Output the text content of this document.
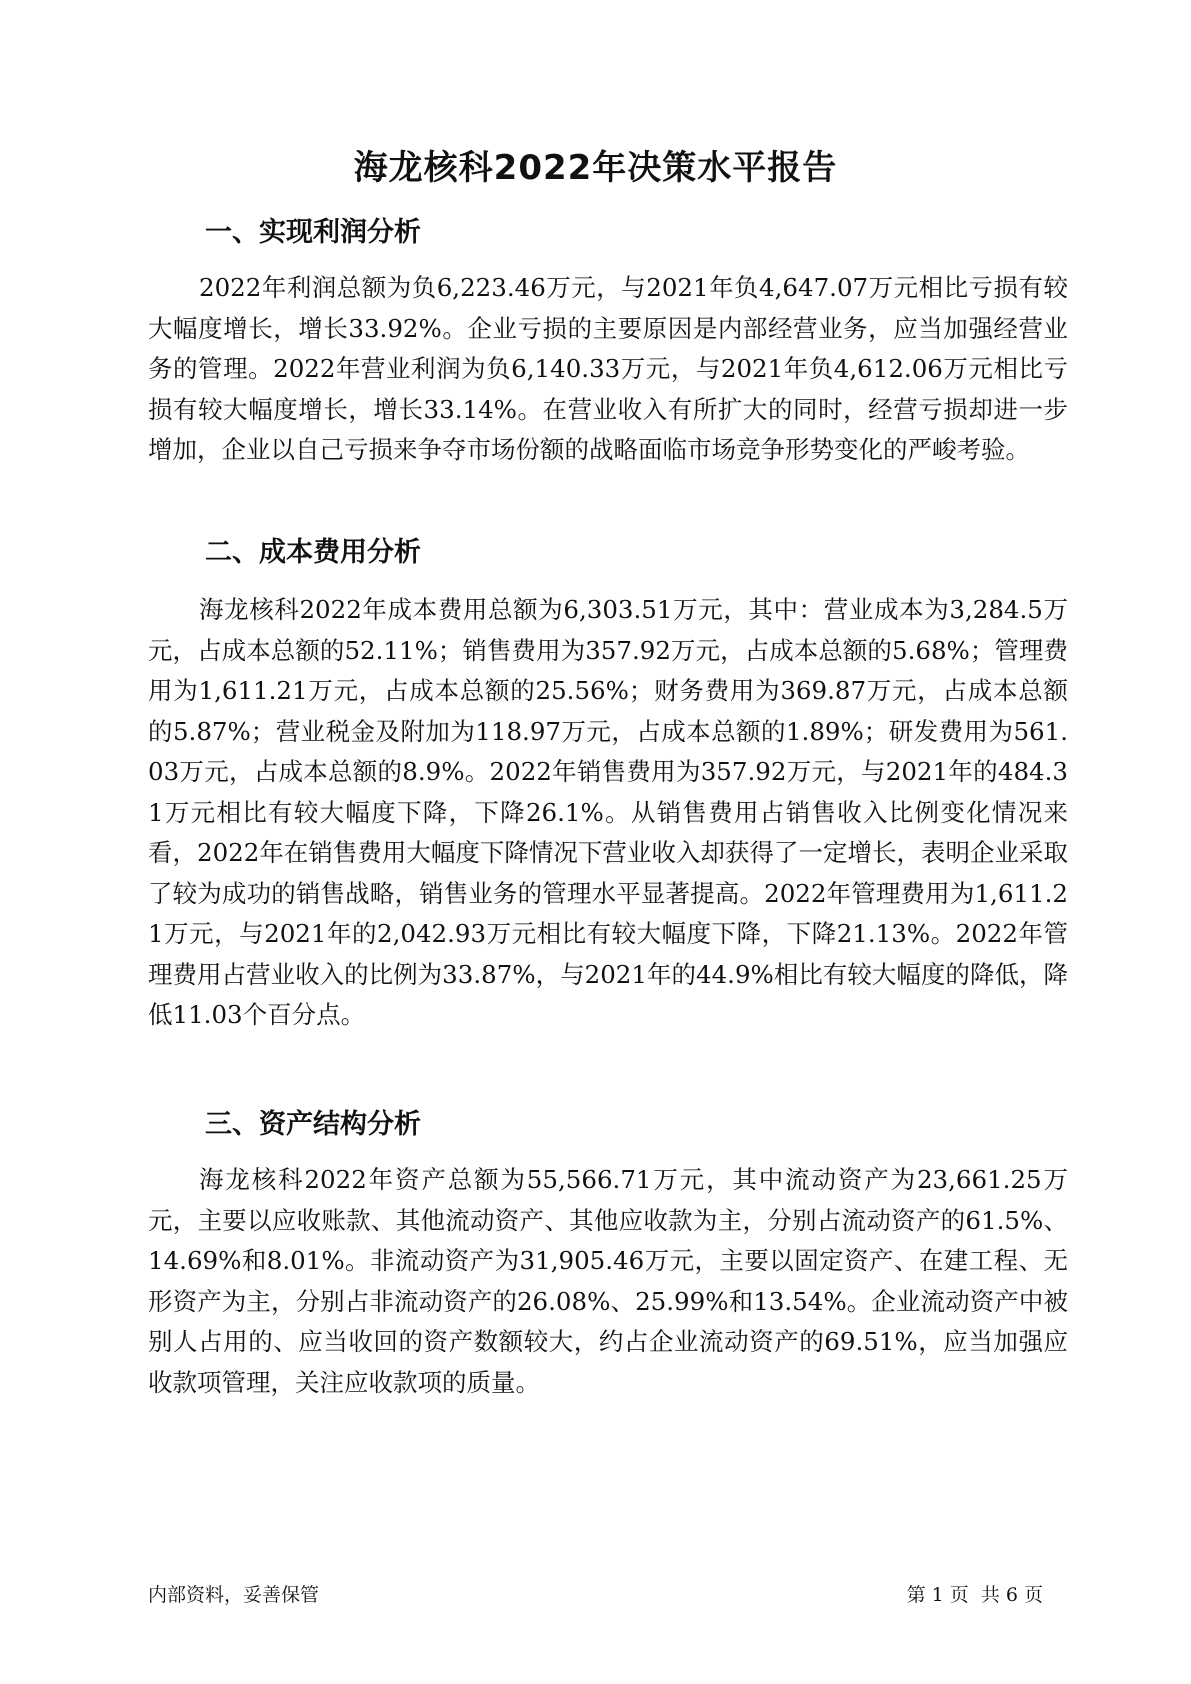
海龙核科2022年决策水平报告
一、实现利润分析

2022年利润总额为负6,223.46万元，与2021年负4,647.07万元相比亏损有较大幅度增长，增长33.92%。企业亏损的主要原因是内部经营业务，应当加强经营业务的管理。2022年营业利润为负6,140.33万元，与2021年负4,612.06万元相比亏损有较大幅度增长，增长33.14%。在营业收入有所扩大的同时，经营亏损却进一步增加，企业以自己亏损来争夺市场份额的战略面临市场竞争形势变化的严峻考验。

二、成本费用分析

海龙核科2022年成本费用总额为6,303.51万元，其中：营业成本为3,284.5万元，占成本总额的52.11%；销售费用为357.92万元，占成本总额的5.68%；管理费用为1,611.21万元，占成本总额的25.56%；财务费用为369.87万元，占成本总额的5.87%；营业税金及附加为118.97万元，占成本总额的1.89%；研发费用为561.03万元，占成本总额的8.9%。2022年销售费用为357.92万元，与2021年的484.31万元相比有较大幅度下降，下降26.1%。从销售费用占销售收入比例变化情况来看，2022年在销售费用大幅度下降情况下营业收入却获得了一定增长，表明企业采取了较为成功的销售战略，销售业务的管理水平显著提高。2022年管理费用为1,611.21万元，与2021年的2,042.93万元相比有较大幅度下降，下降21.13%。2022年管理费用占营业收入的比例为33.87%，与2021年的44.9%相比有较大幅度的降低，降低11.03个百分点。

三、资产结构分析

海龙核科2022年资产总额为55,566.71万元，其中流动资产为23,661.25万元，主要以应收账款、其他流动资产、其他应收款为主，分别占流动资产的61.5%、14.69%和8.01%。非流动资产为31,905.46万元，主要以固定资产、在建工程、无形资产为主，分别占非流动资产的26.08%、25.99%和13.54%。企业流动资产中被别人占用的、应当收回的资产数额较大，约占企业流动资产的69.51%，应当加强应收款项管理，关注应收款项的质量。

内部资料，妥善保管	第 1 页  共 6 页
